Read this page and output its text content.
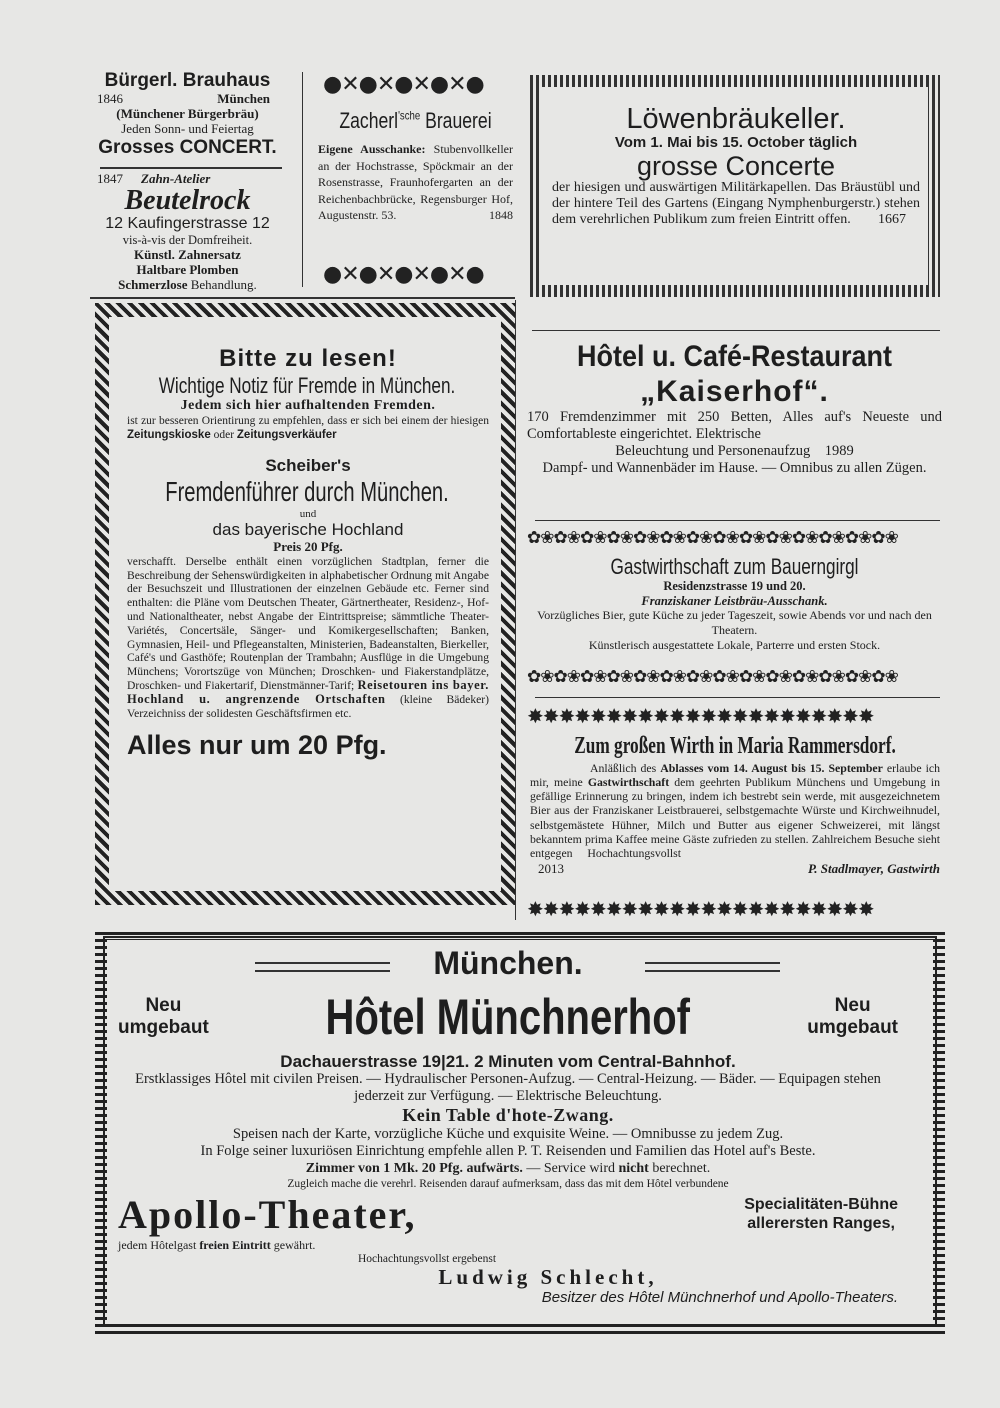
Bürgerl. Brauhaus
1846	München
(Münchener Bürgerbräu)
Jeden Sonn- und Feiertag
Grosses CONCERT.
1847 Zahn-Atelier
Beutelrock
12 Kaufingerstrasse 12
vis-à-vis der Domfreiheit.
Künstl. Zahnersatz
Haltbare Plomben
Schmerzlose Behandlung.
●✕●✕●✕●✕●
Zacherl$^{'sche}$ Brauerei
Eigene Ausschanke: Stubenvollkeller an der Hochstrasse, Spöckmair an der Rosenstrasse, Fraunhofergarten an der Reichenbachbrücke, Regensburger Hof, Augustenstr. 53.	1848
●✕●✕●✕●✕●
Löwenbräukeller.
Vom 1. Mai bis 15. October täglich
grosse Concerte
der hiesigen und auswärtigen Militärkapellen. Das Bräustübl und der hintere Teil des Gartens (Eingang Nymphenburgerstr.) stehen dem verehrlichen Publikum zum freien Eintritt offen. 1667
Bitte zu lesen!
Wichtige Notiz für Fremde in München.
Jedem sich hier aufhaltenden Fremden.
ist zur besseren Orientirung zu empfehlen, dass er sich bei einem der hiesigen Zeitungskioske oder Zeitungsverkäufer
Scheiber's
Fremdenführer durch München.
und
das bayerische Hochland
Preis 20 Pfg.
verschafft. Derselbe enthält einen vorzüglichen Stadtplan, ferner die Beschreibung der Sehenswürdigkeiten in alphabetischer Ordnung mit Angabe der Besuchszeit und Illustrationen der einzelnen Gebäude etc. Ferner sind enthalten: die Pläne vom Deutschen Theater, Gärtnertheater, Residenz-, Hof- und Nationaltheater, nebst Angabe der Eintrittspreise; sämmtliche Theater-Variétés, Concertsäle, Sänger- und Komikergesellschaften; Banken, Gymnasien, Heil- und Pflegeanstalten, Ministerien, Badeanstalten, Bierkeller, Café's und Gasthöfe; Routenplan der Trambahn; Ausflüge in die Umgebung Münchens; Vorortszüge von München; Droschken- und Fiakerstandplätze, Droschken- und Fiakertarif, Dienstmänner-Tarif; Reisetouren ins bayer. Hochland u. angrenzende Ortschaften (kleine Bädeker) Verzeichniss der solidesten Geschäftsfirmen etc.
Alles nur um 20 Pfg.
Hôtel u. Café-Restaurant
„Kaiserhof“.
170 Fremdenzimmer mit 250 Betten, Alles auf's Neueste und Comfortableste eingerichtet. Elektrische
Beleuchtung und Personenaufzug 1989
Dampf- und Wannenbäder im Hause. — Omnibus zu allen Zügen.
✿❀✿❀✿❀✿❀✿❀✿❀✿❀✿❀✿❀✿❀✿❀✿❀✿❀✿❀
Gastwirthschaft zum Bauerngirgl
Residenzstrasse 19 und 20.
Franziskaner Leistbräu-Ausschank.
Vorzügliches Bier, gute Küche zu jeder Tageszeit, sowie Abends vor und nach den Theatern.
Künstlerisch ausgestattete Lokale, Parterre und ersten Stock.
✿❀✿❀✿❀✿❀✿❀✿❀✿❀✿❀✿❀✿❀✿❀✿❀✿❀✿❀
✸✸✸✸✸✸✸✸✸✸✸✸✸✸✸✸✸✸✸✸✸✸
Zum großen Wirth in Maria Rammersdorf.
Anläßlich des Ablasses vom 14. August bis 15. September erlaube ich mir, meine Gastwirthschaft dem geehrten Publikum Münchens und Umgebung in gefällige Erinnerung zu bringen, indem ich bestrebt sein werde, mit ausgezeichnetem Bier aus der Franziskaner Leistbrauerei, selbstgemachte Würste und Kirchweihnudel, selbstgemästete Hühner, Milch und Butter aus eigener Schweizerei, mit längst bekanntem prima Kaffee meine Gäste zufrieden zu stellen. Zahlreichem Besuche sieht entgegen Hochachtungsvollst
2013	P. Stadlmayer, Gastwirth
✸✸✸✸✸✸✸✸✸✸✸✸✸✸✸✸✸✸✸✸✸✸
München.
Neu
umgebaut Hôtel Münchnerhof	Neu
umgebaut
Dachauerstrasse 19|21. 2 Minuten vom Central-Bahnhof.
Erstklassiges Hôtel mit civilen Preisen. — Hydraulischer Personen-Aufzug. — Central-Heizung. — Bäder. — Equipagen stehen jederzeit zur Verfügung. — Elektrische Beleuchtung.
Kein Table d'hote-Zwang.
Speisen nach der Karte, vorzügliche Küche und exquisite Weine. — Omnibusse zu jedem Zug.
In Folge seiner luxuriösen Einrichtung empfehle allen P. T. Reisenden und Familien das Hotel auf's Beste.
Zimmer von 1 Mk. 20 Pfg. aufwärts. — Service wird nicht berechnet.
Zugleich mache die verehrl. Reisenden darauf aufmerksam, dass das mit dem Hôtel verbundene
Apollo-Theater,	Specialitäten-Bühne
allerersten Ranges,
jedem Hôtelgast freien Eintritt gewährt.
Hochachtungsvollst ergebenst
Ludwig Schlecht,
Besitzer des Hôtel Münchnerhof und Apollo-Theaters.
